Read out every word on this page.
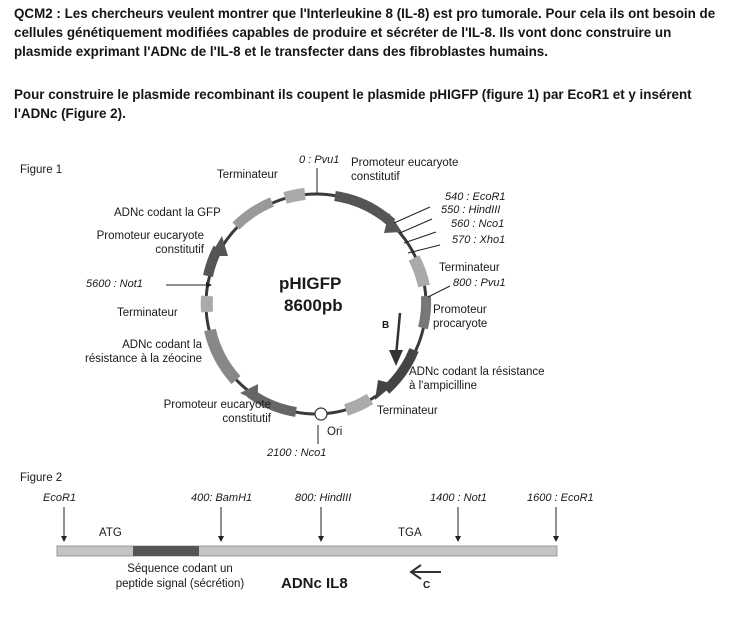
QCM2 : Les chercheurs veulent montrer que l'Interleukine 8 (IL-8) est pro tumorale. Pour cela ils ont besoin de cellules génétiquement modifiées capables de produire et sécréter de l'IL-8. Ils vont donc construire un plasmide exprimant l'ADNc de l'IL-8 et le transfecter dans des fibroblastes humains.
Pour construire le plasmide recombinant ils coupent le plasmide pHIGFP (figure 1) par EcoR1 et y insérent l'ADNc (Figure 2).
Figure 1	Terminateur
0 : Pvu1 Promoteur eucaryote
constitutif
540 : EcoR1
550 : HindIII
560 : Nco1
570 : Xho1
Terminateur
800 : Pvu1
Promoteur
procaryote
B
ADNc codant la résistance
à l'ampicilline
Terminateur
Ori
2100 : Nco1
Promoteur eucaryote
constitutif
ADNc codant la
résistance à la zéocine
Terminateur
5600 : Not1
Promoteur eucaryote
constitutif
ADNc codant la GFP
pHIGFP
8600pb
Figure 2
EcoR1	400: BamH1	800: HindIII	1400 : Not1	1600 : EcoR1
ATG	TGA
Séquence codant un
peptide signal (sécrétion)	ADNc IL8	C
